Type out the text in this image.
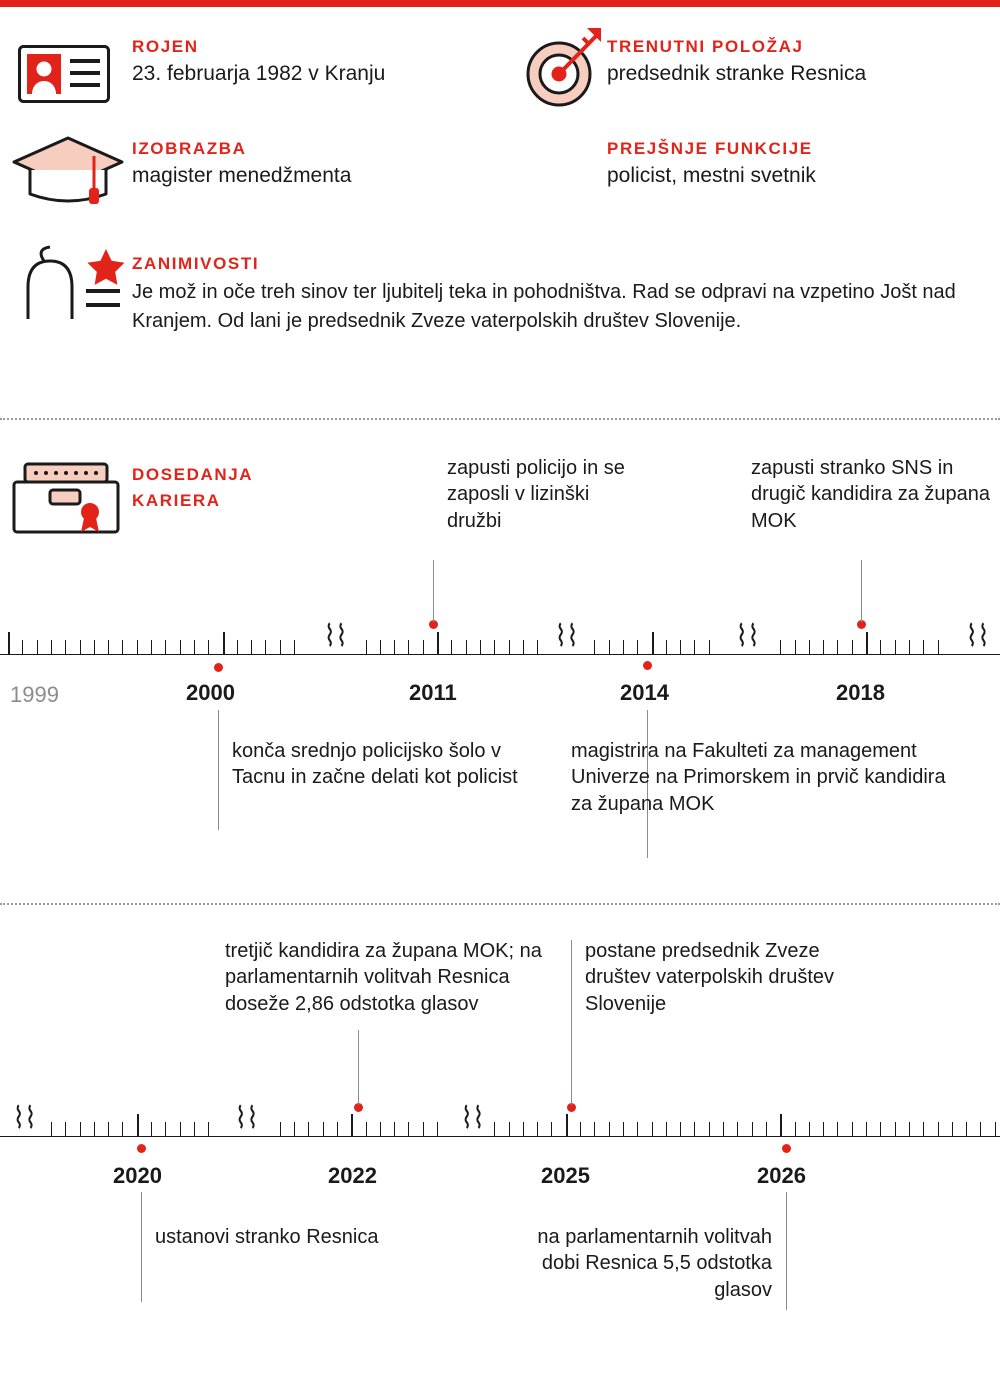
ROJEN
23. februarja 1982 v Kranju
TRENUTNI POLOŽAJ
predsednik stranke Resnica
IZOBRAZBA
magister menedžmenta
PREJŠNJE FUNKCIJE
policist, mestni svetnik
ZANIMIVOSTI
Je mož in oče treh sinov ter ljubitelj teka in pohodništva. Rad se odpravi na vzpetino Jošt nad Kranjem. Od lani je predsednik Zveze vaterpolskih društev Slovenije.
DOSEDANJA
KARIERA
⌇⌇	⌇⌇	⌇⌇	⌇⌇
1999	2000	2011	2014	2018
konča srednjo policijsko šolo v Tacnu in začne delati kot policist
zapusti policijo in se zaposli v lizinški družbi
magistrira na Fakulteti za management Univerze na Primorskem in prvič kandidira za župana MOK
zapusti stranko SNS in drugič kandidira za župana MOK
⌇⌇	⌇⌇	⌇⌇
2020	2022	2025	2026
ustanovi stranko Resnica
tretjič kandidira za župana MOK; na parlamentarnih volitvah Resnica doseže 2,86 odstotka glasov
postane predsednik Zveze društev vaterpolskih društev Slovenije
na parlamentarnih volitvah dobi Resnica 5,5 odstotka glasov
